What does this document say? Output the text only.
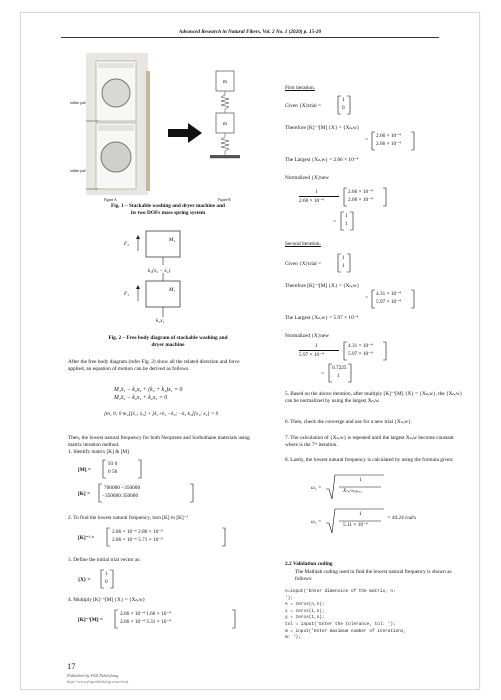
Advanced Research in Natural Fibers, Vol. 2 No. 1 (2020) p. 15-20
m
m
rubber pad
rubber pad
Figure A	Figure B
Fig. 1 – Stackable washing and dryer machine and
its two DOFs mass spring system
M₂
M₁
F₂
F₁
k₂(x₂ − x₁)
k₁x₁
Fig. 2 – Free body diagram of stackable washing and
dryer machine
After the free body diagram (refer Fig. 2) show all the related direction and force applied, an equation of motion can be derived as follows.
M₁ẍ₁ − k₂x₂ + (k₂ + k₁)x₁ = 0
M₂ẍ₂ − k₂x₁ + k₂x₂ = 0
[m₁ 0; 0 m₂][ẍ₁; ẍ₂] + [k₁+k₂ −k₂; −k₂ k₂][x₁; x₂] = 0
Then, the lowest natural frequency for both Neoprene and Sorbothane materials using matrix iteration method.
1. Identify matrix [K] & [M]
[M] =
93 0
0 58
[K] =
700000 −350000
−350000 350000
2. To find the lowest natural frequency, turn [K] to [K]⁻¹
[K]⁻¹ =
2.86 × 10⁻⁶ 2.86 × 10⁻⁶
2.86 × 10⁻⁶ 5.71 × 10⁻⁶
3. Define the initial trial vector as:
{X} =
1
0
4. Multiply [K]⁻¹[M] {X} = {Xₙₑw}
[K]⁻¹[M] =
2.66 × 10⁻⁴ 1.66 × 10⁻⁴
2.66 × 10⁻⁴ 3.31 × 10⁻⁴
First iteration.
Given {X}trial =
1
0
Therefore [K]⁻¹[M] {X} = {Xₙₑw}
=
2.66 × 10⁻⁴
2.66 × 10⁻⁴
The Largest {Xₙₑw} = 2.66 × 10⁻⁴
Normalized {X}new
1
2.66 × 10⁻⁴
2.66 × 10⁻⁴
2.66 × 10⁻⁴
=
1
1
Second iteration.
Given {X}trial =
1
1
Therefore [K]⁻¹[M] {X} = {Xₙₑw}
=
4.31 × 10⁻⁴
5.97 × 10⁻⁴
The Largest {Xₙₑw} = 5.97 × 10⁻⁴
Normalized {X}new
1
5.97 × 10⁻⁴
4.31 × 10⁻⁴
5.97 × 10⁻⁴
=
0.7225
1
5. Based on the above iteration, after multiply [K]⁻¹[M] {X} = {Xₙₑw}, the {Xₙₑw} can be normalized by using the largest Xₙₑw.
6. Then, check the converge and use for a new trial {Xₙₑw}.
7. The calculation of {Xₙₑw} is repeated until the largest Xₙₑw become constant where is the 7ᵗʰ iteration.
8. Lastly, the lowest natural frequency is calculated by using the formula given:
ω₁ =
1
Xₙₒʳₘₐₗᵢᵣₑₔ
ω₁ =
1
5.11 × 10⁻⁴
= 44.24 rad/s
2.2 Validation coding
The Mathlab coding used to find the lowest natural frequency is shown as follows:
n=input('Enter dimension of the matrix, n:
');
A = zeros(n,n);
x = zeros(1,n);
y = zeros(1,n);
tol = input('Enter the tolerance, tol: ');
m = input('Enter maximum number of iterations,
m: ');
17
Published by FAZ Publishing
http://www.fazpublishing.com/arnf
